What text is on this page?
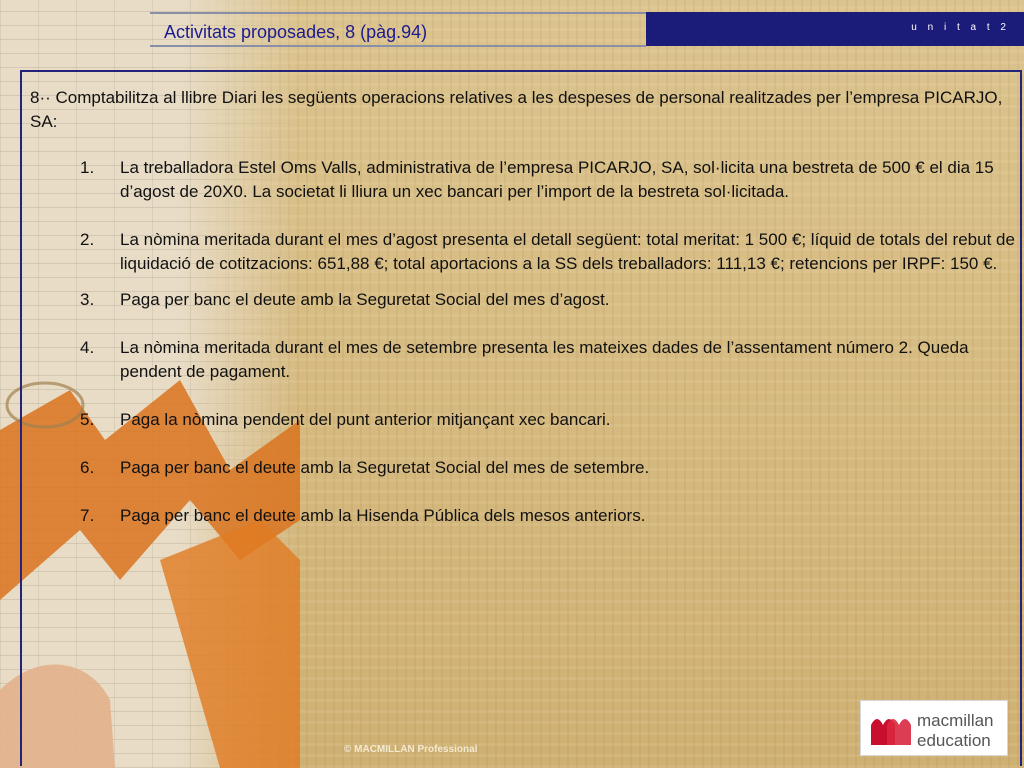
Activitats proposades, 8 (pàg.94)	u n i t a t 2
8·· Comptabilitza al llibre Diari les següents operacions relatives a les despeses de personal realitzades per l’empresa PICARJO, SA:
1. La treballadora Estel Oms Valls, administrativa de l’empresa PICARJO, SA, sol·licita una bestreta de 500 € el dia 15 d’agost de 20X0. La societat li lliura un xec bancari per l’import de la bestreta sol·licitada.
2. La nòmina meritada durant el mes d’agost presenta el detall següent: total meritat: 1 500 €; líquid de totals del rebut de liquidació de cotitzacions: 651,88 €; total aportacions a la SS dels treballadors: 111,13 €; retencions per IRPF: 150 €.
3. Paga per banc el deute amb la Seguretat Social del mes d’agost.
4. La nòmina meritada durant el mes de setembre presenta les mateixes dades de l’assentament número 2. Queda pendent de pagament.
5. Paga la nòmina pendent del punt anterior mitjançant xec bancari.
6. Paga per banc el deute amb la Seguretat Social del mes de setembre.
7. Paga per banc el deute amb la Hisenda Pública dels mesos anteriors.
© MACMILLAN Professional
macmillan
education
